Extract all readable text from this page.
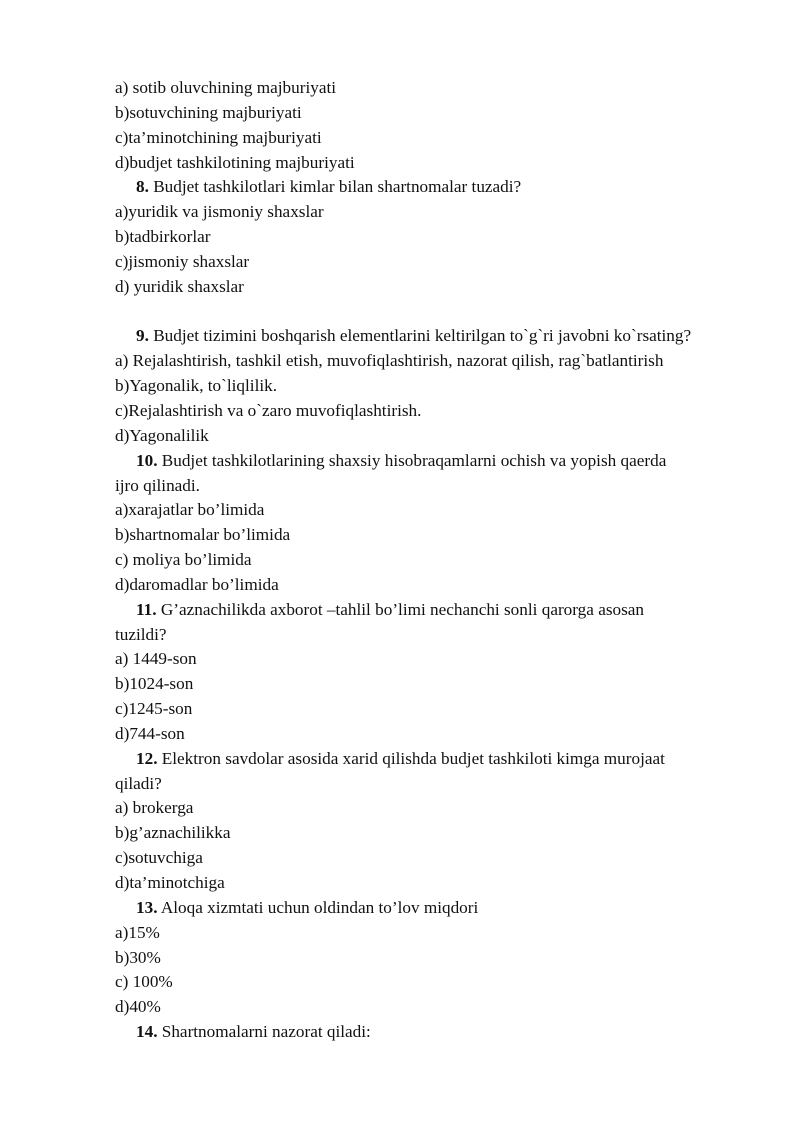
a) sotib oluvchining majburiyati
b)sotuvchining majburiyati
c)ta’minotchining majburiyati
d)budjet tashkilotining majburiyati
8. Budjet tashkilotlari kimlar bilan shartnomalar tuzadi?
a)yuridik va jismoniy shaxslar
b)tadbirkorlar
c)jismoniy shaxslar
d) yuridik shaxslar
9. Budjet tizimini boshqarish elementlarini keltirilgan to`g`ri javobni ko`rsating?
a) Rejalashtirish, tashkil etish, muvofiqlashtirish, nazorat qilish, rag`batlantirish
b)Yagonalik, to`liqlilik.
c)Rejalashtirish va o`zaro muvofiqlashtirish.
d)Yagonalilik
10. Budjet tashkilotlarining shaxsiy hisobraqamlarni ochish va yopish qaerda
ijro qilinadi.
a)xarajatlar bo’limida
b)shartnomalar bo’limida
c) moliya bo’limida
d)daromadlar bo’limida
11. G’aznachilikda axborot –tahlil bo’limi nechanchi sonli qarorga asosan
tuzildi?
a) 1449-son
b)1024-son
c)1245-son
d)744-son
12. Elektron savdolar asosida xarid qilishda budjet tashkiloti kimga murojaat
qiladi?
a) brokerga
b)g’aznachilikka
c)sotuvchiga
d)ta’minotchiga
13. Aloqa xizmtati uchun oldindan to’lov miqdori
a)15%
b)30%
c) 100%
d)40%
14. Shartnomalarni nazorat qiladi:
